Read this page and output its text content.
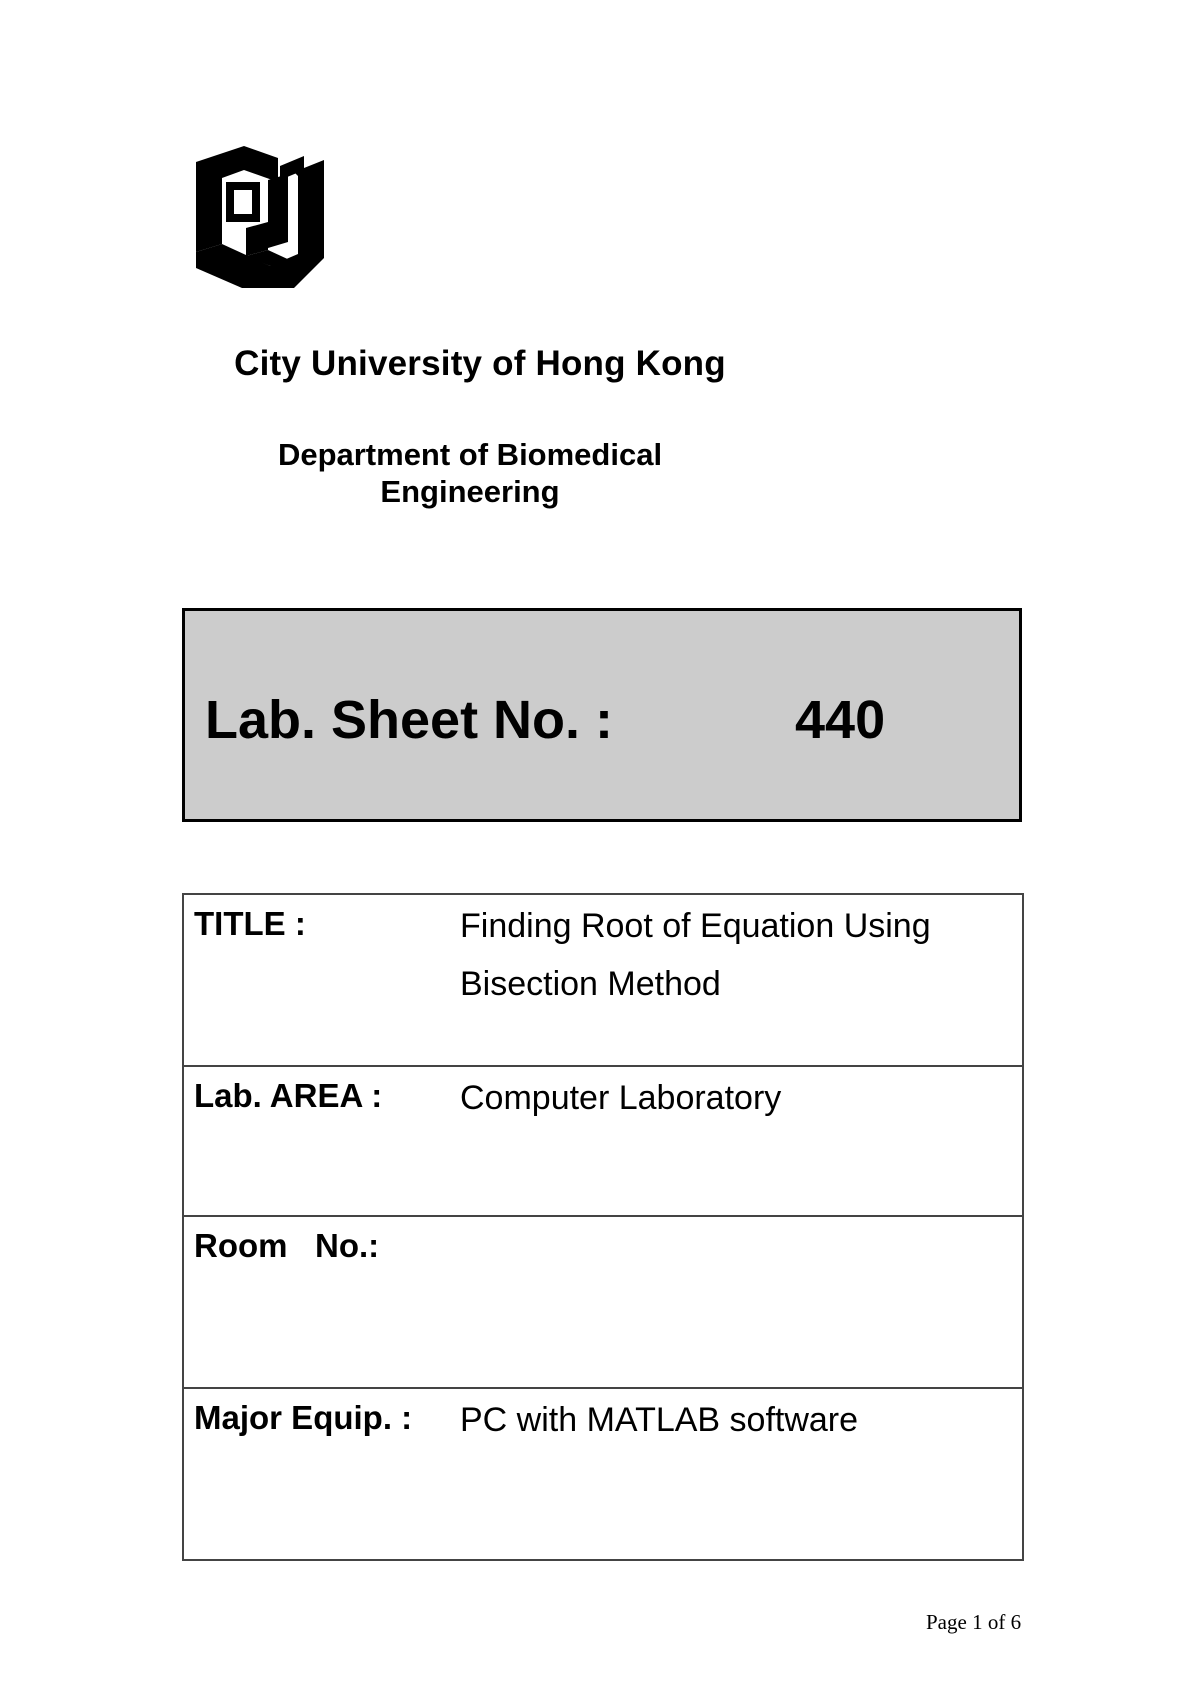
City University of Hong Kong
Department of Biomedical
Engineering
Lab. Sheet No. :	440
TITLE :	Finding Root of Equation Using Bisection Method

Lab. AREA :	Computer Laboratory

Room   No.:	

Major Equip. :	PC with MATLAB software
Page 1 of 6
